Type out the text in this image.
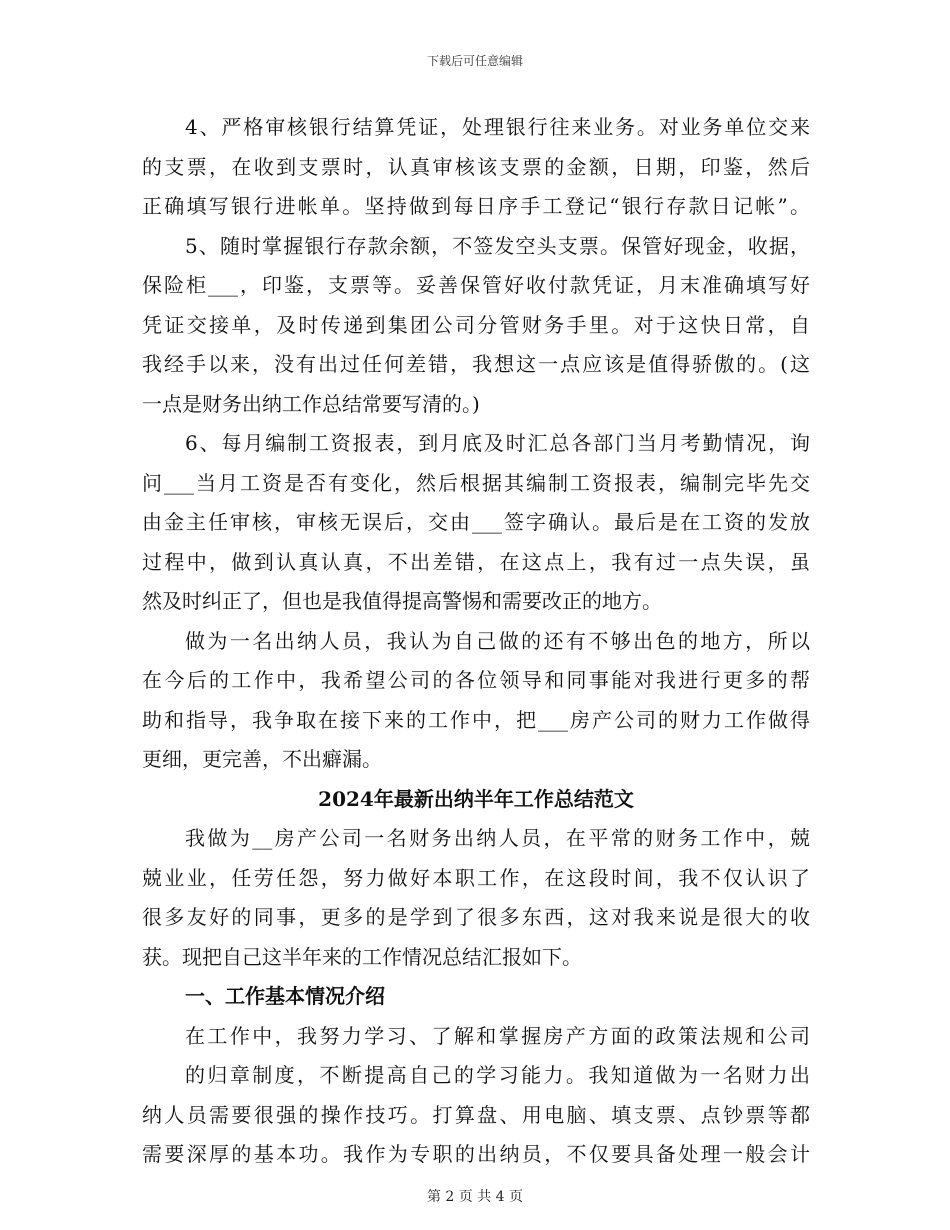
下载后可任意编辑
4、严格审核银行结算凭证，处理银行往来业务。对业务单位交来
的支票，在收到支票时，认真审核该支票的金额，日期，印鉴，然后
正确填写银行进帐单。坚持做到每日序手工登记“银行存款日记帐”。
5、随时掌握银行存款余额，不签发空头支票。保管好现金，收据，
保险柜___，印鉴，支票等。妥善保管好收付款凭证，月末准确填写好
凭证交接单，及时传递到集团公司分管财务手里。对于这快日常，自
我经手以来，没有出过任何差错，我想这一点应该是值得骄傲的。(这
一点是财务出纳工作总结常要写清的。)
6、每月编制工资报表，到月底及时汇总各部门当月考勤情况，询
问___当月工资是否有变化，然后根据其编制工资报表，编制完毕先交
由金主任审核，审核无误后，交由___签字确认。最后是在工资的发放
过程中，做到认真认真，不出差错，在这点上，我有过一点失误，虽
然及时纠正了，但也是我值得提高警惕和需要改正的地方。
做为一名出纳人员，我认为自己做的还有不够出色的地方，所以
在今后的工作中，我希望公司的各位领导和同事能对我进行更多的帮
助和指导，我争取在接下来的工作中，把___房产公司的财力工作做得
更细，更完善，不出癖漏。
2024年最新出纳半年工作总结范文
我做为__房产公司一名财务出纳人员，在平常的财务工作中，兢
兢业业，任劳任怨，努力做好本职工作，在这段时间，我不仅认识了
很多友好的同事，更多的是学到了很多东西，这对我来说是很大的收
获。现把自己这半年来的工作情况总结汇报如下。
一、工作基本情况介绍
在工作中，我努力学习、了解和掌握房产方面的政策法规和公司
的归章制度，不断提高自己的学习能力。我知道做为一名财力出
纳人员需要很强的操作技巧。打算盘、用电脑、填支票、点钞票等都
需要深厚的基本功。我作为专职的出纳员，不仅要具备处理一般会计
第 2 页 共 4 页
